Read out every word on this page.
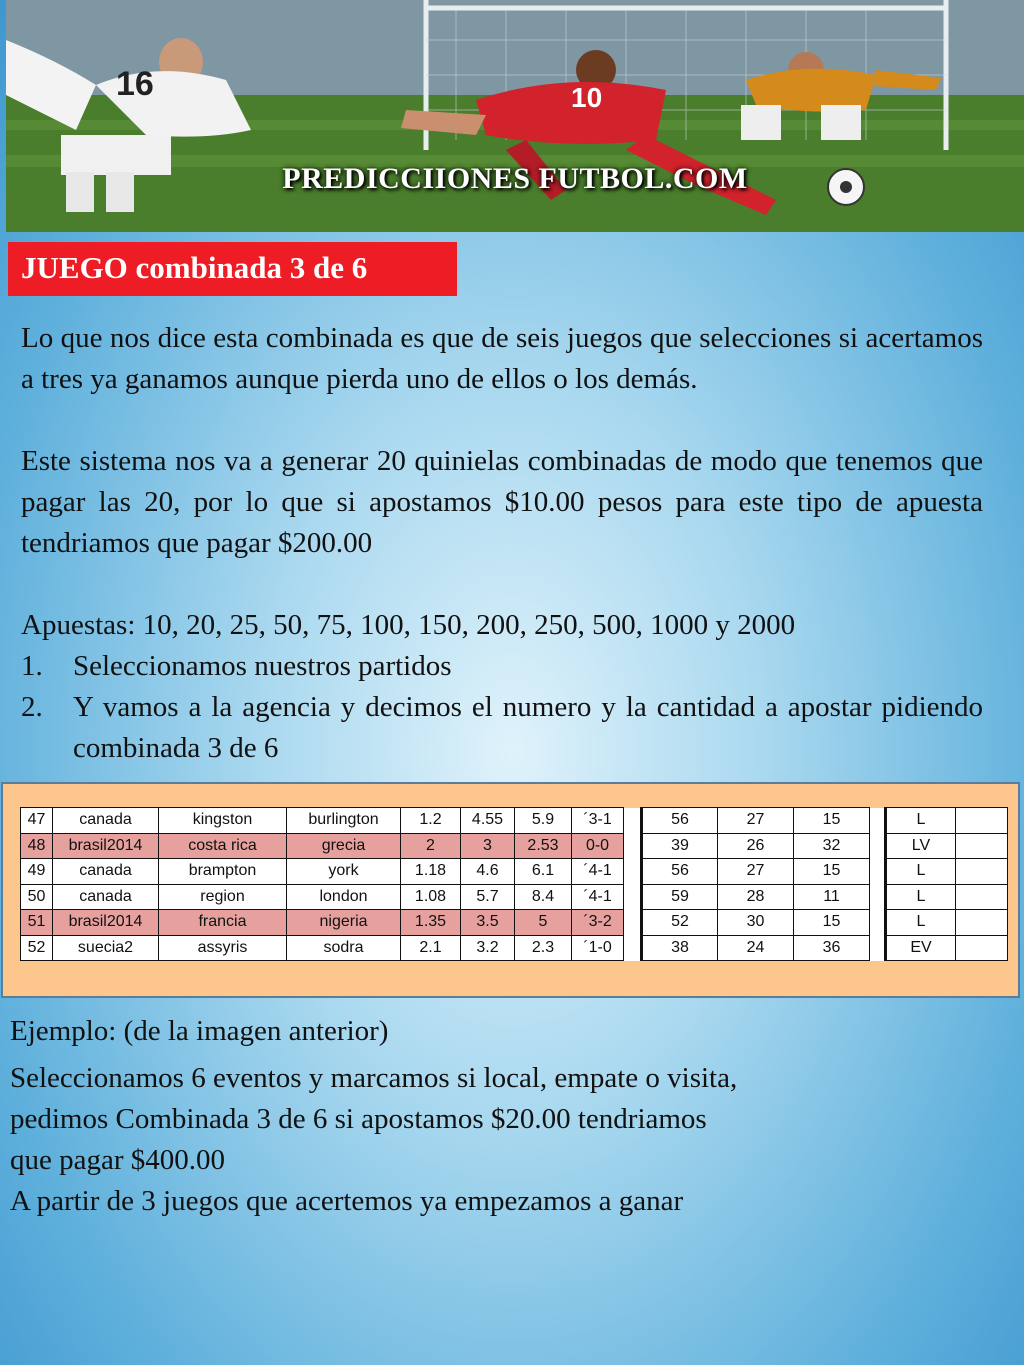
16	10
PREDICCIIONES FUTBOL.COM
JUEGO combinada 3 de 6

Lo que nos dice esta combinada es que de seis juegos que selecciones si acertamos a tres ya ganamos aunque pierda uno de ellos o los demás.

Este sistema nos va a generar 20 quinielas combinadas de modo que tenemos que pagar las 20, por lo que si apostamos $10.00 pesos para este tipo de apuesta tendriamos que pagar $200.00

Apuestas: 10, 20, 25, 50, 75, 100, 150, 200, 250, 500, 1000 y 2000
1. Seleccionamos nuestros partidos
2. Y vamos a la agencia y decimos el numero y la cantidad a apostar pidiendo combinada 3 de 6
47	canada	kingston	burlington	1.2	4.55	5.9	´3-1		56	27	15		L	
48	brasil2014	costa rica	grecia	2	3	2.53	0-0		39	26	32		LV	
49	canada	brampton	york	1.18	4.6	6.1	´4-1		56	27	15		L	
50	canada	region	london	1.08	5.7	8.4	´4-1		59	28	11		L	
51	brasil2014	francia	nigeria	1.35	3.5	5	´3-2		52	30	15		L	
52	suecia2	assyris	sodra	2.1	3.2	2.3	´1-0		38	24	36		EV	
Ejemplo: (de la imagen anterior)
Seleccionamos 6 eventos y marcamos si local, empate o visita,
pedimos Combinada 3 de 6 si apostamos $20.00 tendriamos
que pagar $400.00
A partir de 3 juegos que acertemos ya empezamos a ganar
